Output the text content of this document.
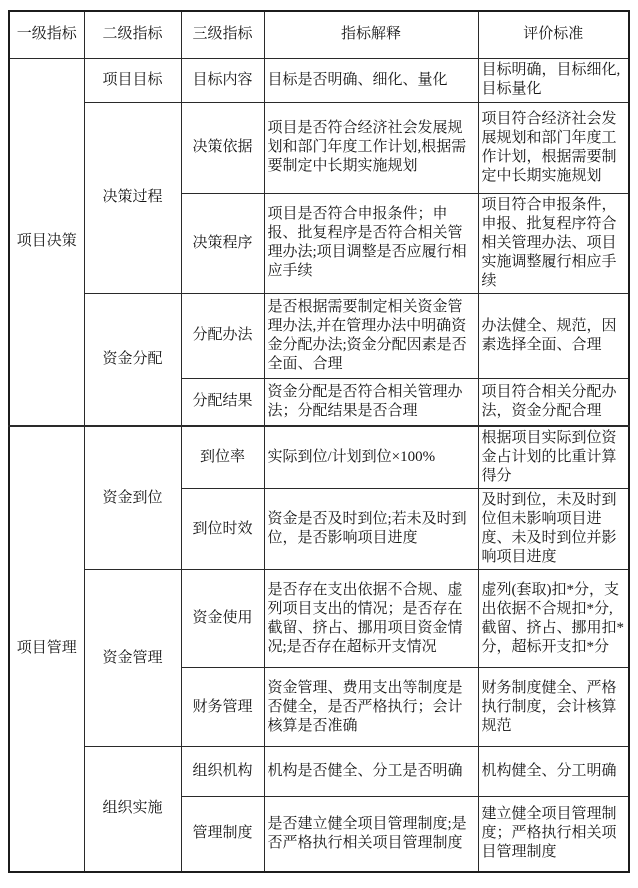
一级指标	二级指标	三级指标	指标解释	评价标准
项目决策	项目目标	目标内容	目标是否明确、细化、量化	目标明确，目标细化,目标量化
	决策过程	决策依据	项目是否符合经济社会发展规划和部门年度工作计划,根据需要制定中长期实施规划	项目符合经济社会发展规划和部门年度工作计划，根据需要制定中长期实施规划
		决策程序	项目是否符合申报条件；申报、批复程序是否符合相关管理办法;项目调整是否应履行相应手续	项目符合申报条件，申报、批复程序符合相关管理办法、项目实施调整履行相应手续
	资金分配	分配办法	是否根据需要制定相关资金管理办法,并在管理办法中明确资金分配办法;资金分配因素是否全面、合理	办法健全、规范，因素选择全面、合理
		分配结果	资金分配是否符合相关管理办法；分配结果是否合理	项目符合相关分配办法，资金分配合理
项目管理	资金到位	到位率	实际到位/计划到位×100%	根据项目实际到位资金占计划的比重计算得分
		到位时效	资金是否及时到位;若未及时到位，是否影响项目进度	及时到位，未及时到位但未影响项目进度、未及时到位并影响项目进度
	资金管理	资金使用	是否存在支出依据不合规、虚列项目支出的情况；是否存在截留、挤占、挪用项目资金情况;是否存在超标开支情况	虚列(套取)扣*分，支出依据不合规扣*分,截留、挤占、挪用扣*分，超标开支扣*分
		财务管理	资金管理、费用支出等制度是否健全，是否严格执行；会计核算是否准确	财务制度健全、严格执行制度，会计核算规范
	组织实施	组织机构	机构是否健全、分工是否明确	机构健全、分工明确
		管理制度	是否建立健全项目管理制度;是否严格执行相关项目管理制度	建立健全项目管理制度；严格执行相关项目管理制度
